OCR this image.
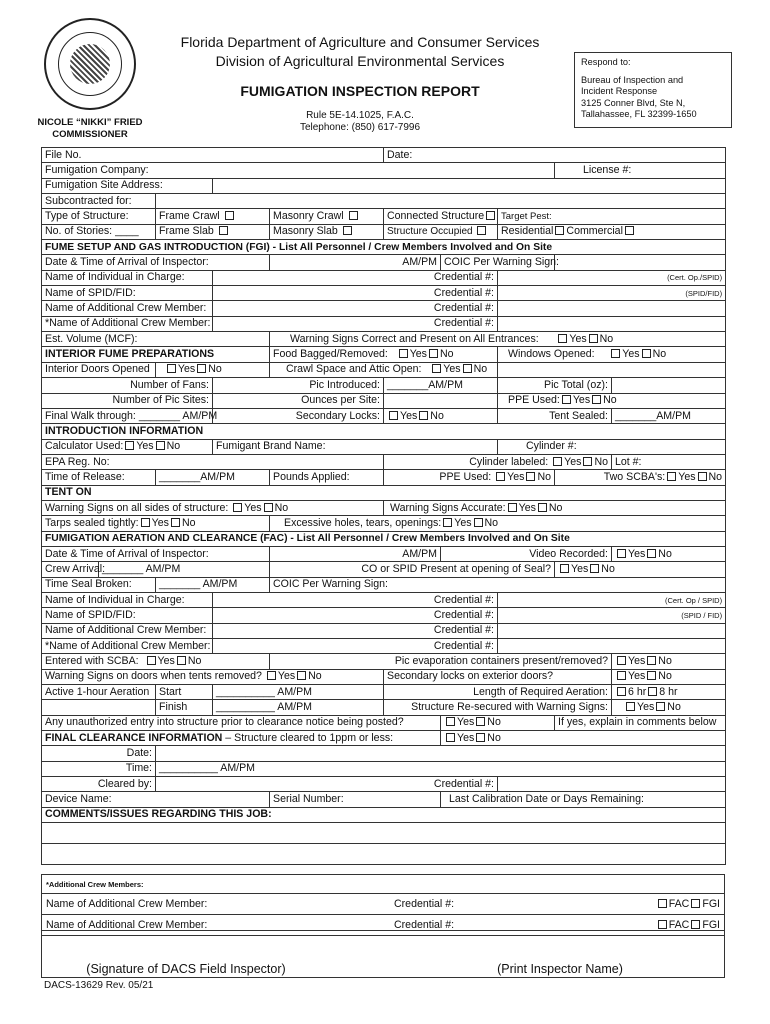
NICOLE “NIKKI” FRIED
COMMISSIONER
Florida Department of Agriculture and Consumer Services
Division of Agricultural Environmental Services
FUMIGATION INSPECTION REPORT
Rule 5E-14.1025, F.A.C.
Telephone: (850) 617-7996
Respond to:
Bureau of Inspection and
Incident Response
3125 Conner Blvd, Ste N,
Tallahassee, FL 32399-1650
File No.					Date:				
Fumigation Company:								License #:	
Fumigation Site Address:									
Subcontracted for:									
Type of Structure:		Frame Crawl		Masonry Crawl	Connected Structure		Target Pest:		
No. of Stories: ____		Frame Slab		Masonry Slab	Structure Occupied		Residential Commercial		
FUME SETUP AND GAS INTRODUCTION (FGI) - List All Personnel / Crew Members Involved and On Site									
Date & Time of Arrival of Inspector:				AM/PM		COIC Per Warning Sign:			
Name of Individual in Charge:			Credential #:				(Cert. Op./SPID)		
Name of SPID/FID:			Credential #:				(SPID/FID)		
Name of Additional Crew Member:			Credential #:						
*Name of Additional Crew Member:			Credential #:						
Est. Volume (MCF):				Warning Signs Correct and Present on All Entrances: Yes No					
INTERIOR FUME PREPARATIONS				Food Bagged/Removed: Yes No			Windows Opened: Yes No		
Interior Doors Opened		Yes No		Crawl Space and Attic Open: Yes No					
Number of Fans:			Pic Introduced:		_______AM/PM		Pic Total (oz):		
Number of Pic Sites:			Ounces per Site:				PPE Used: Yes No		
Final Walk through: _______ AM/PM			Secondary Locks:		Yes No		Tent Sealed:		_______AM/PM
INTRODUCTION INFORMATION									
Calculator Used: Yes No			Fumigant Brand Name:				Cylinder #:		
EPA Reg. No:					Cylinder labeled: Yes No				Lot #:
Time of Release:		_______AM/PM		Pounds Applied:	PPE Used: Yes No			Two SCBA's: Yes No	
TENT ON									
Warning Signs on all sides of structure: Yes No					Warning Signs Accurate: Yes No				
Tarps sealed tightly: Yes No				Excessive holes, tears, openings: Yes No					
FUMIGATION AERATION AND CLEARANCE (FAC) - List All Personnel / Crew Members Involved and On Site									
Date & Time of Arrival of Inspector:				AM/PM		Video Recorded:			Yes No
Crew Arrival:	_______ AM/PM			CO or SPID Present at opening of Seal?				Yes No	
Time Seal Broken:		_______ AM/PM		COIC Per Warning Sign:					
Name of Individual in Charge:			Credential #:				(Cert. Op / SPID)		
Name of SPID/FID:			Credential #:				(SPID / FID)		
Name of Additional Crew Member:			Credential #:						
*Name of Additional Crew Member:			Credential #:						
Entered with SCBA: Yes No				Pic evaporation containers present/removed?					Yes No
Warning Signs on doors when tents removed? Yes No					Secondary locks on exterior doors?				Yes No
Active 1-hour Aeration		Start	__________ AM/PM		Length of Required Aeration:				6 hr 8 hr
		Finish	__________ AM/PM		Structure Re-secured with Warning Signs:				Yes No
Any unauthorized entry into structure prior to clearance notice being posted?						Yes No		If yes, explain in comments below	
FINAL CLEARANCE INFORMATION – Structure cleared to 1ppm or less:						Yes No			
Date:									
Time:		__________ AM/PM							
Cleared by:		Credential #:							
Device Name:				Serial Number:		Last Calibration Date or Days Remaining:			
COMMENTS/ISSUES REGARDING THIS JOB:									

*Additional Crew Members:		
Name of Additional Crew Member:	Credential #:	FAC FGI
Name of Additional Crew Member:	Credential #:	FAC FGI
(Signature of DACS Field Inspector)	(Print Inspector Name)
DACS-13629 Rev. 05/21
